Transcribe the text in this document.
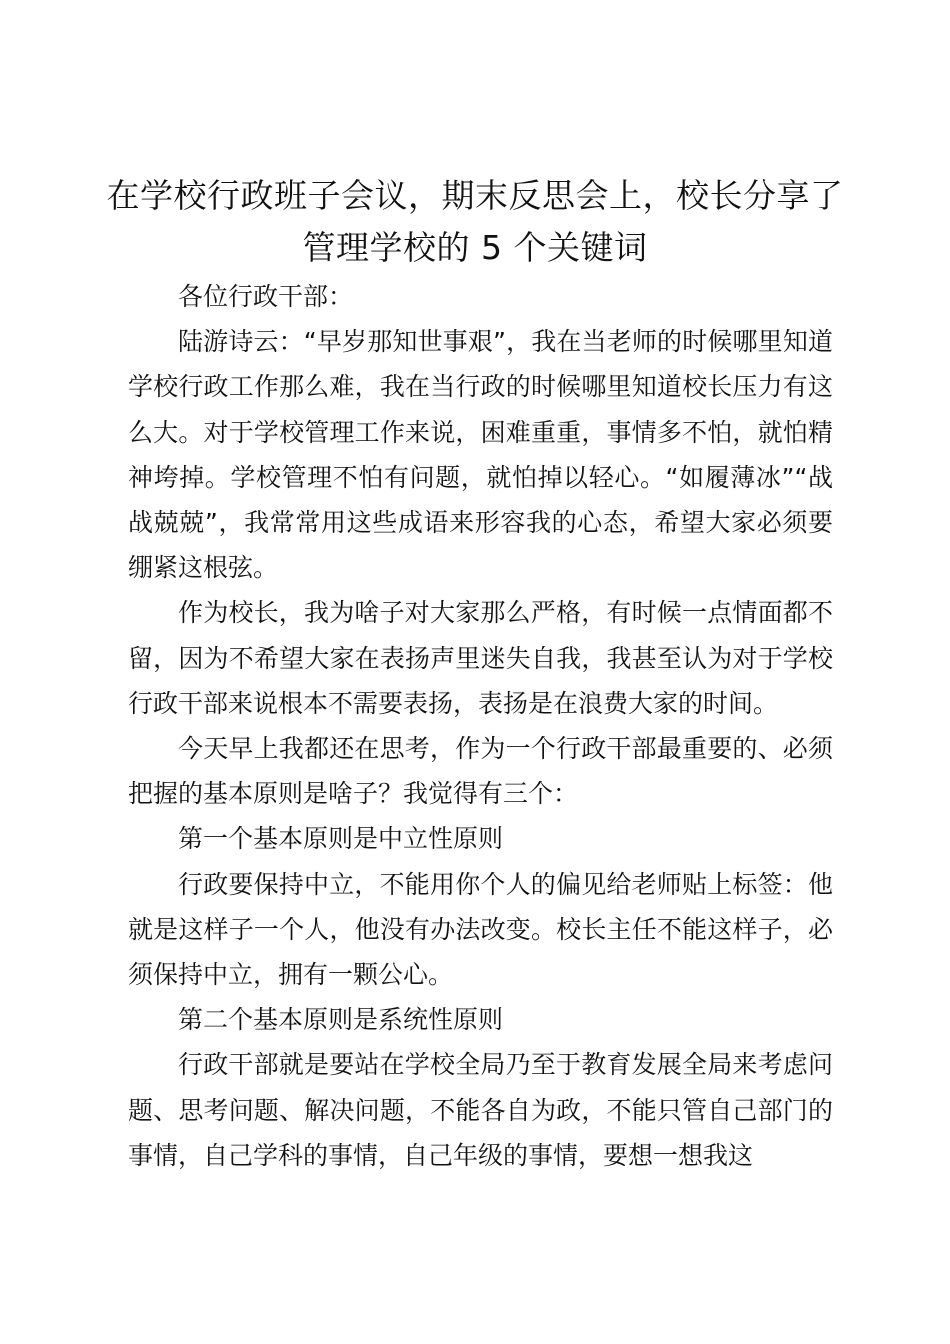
在学校行政班子会议，期末反思会上，校长分享了管理学校的 5 个关键词

各位行政干部：

陆游诗云：“早岁那知世事艰”，我在当老师的时候哪里知道学校行政工作那么难，我在当行政的时候哪里知道校长压力有这么大。对于学校管理工作来说，困难重重，事情多不怕，就怕精神垮掉。学校管理不怕有问题，就怕掉以轻心。“如履薄冰”“战战兢兢”，我常常用这些成语来形容我的心态，希望大家必须要绷紧这根弦。

作为校长，我为啥子对大家那么严格，有时候一点情面都不留，因为不希望大家在表扬声里迷失自我，我甚至认为对于学校行政干部来说根本不需要表扬，表扬是在浪费大家的时间。

今天早上我都还在思考，作为一个行政干部最重要的、必须把握的基本原则是啥子？我觉得有三个：

第一个基本原则是中立性原则

行政要保持中立，不能用你个人的偏见给老师贴上标签：他就是这样子一个人，他没有办法改变。校长主任不能这样子，必须保持中立，拥有一颗公心。

第二个基本原则是系统性原则

行政干部就是要站在学校全局乃至于教育发展全局来考虑问题、思考问题、解决问题，不能各自为政，不能只管自己部门的事情，自己学科的事情，自己年级的事情，要想一想我这
